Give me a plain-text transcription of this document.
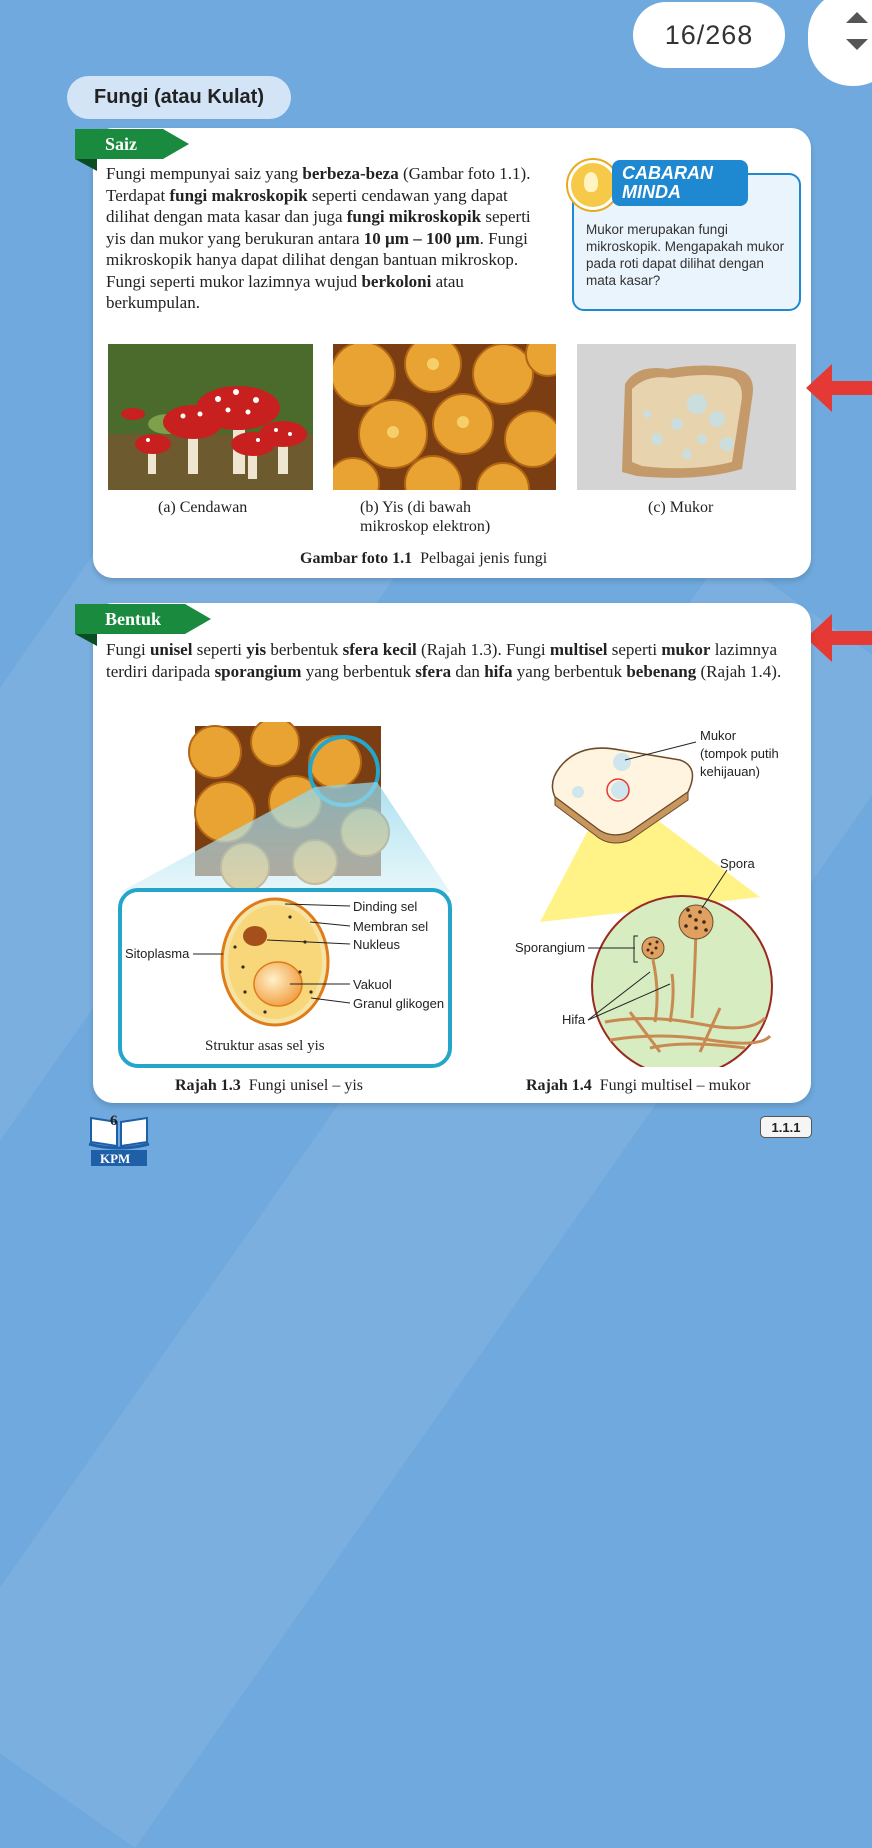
16/268
Fungi (atau Kulat)
Saiz
Fungi mempunyai saiz yang berbeza-beza (Gambar foto 1.1). Terdapat fungi makroskopik seperti cendawan yang dapat dilihat dengan mata kasar dan juga fungi mikroskopik seperti yis dan mukor yang berukuran antara 10 µm – 100 µm. Fungi mikroskopik hanya dapat dilihat dengan bantuan mikroskop. Fungi seperti mukor lazimnya wujud berkoloni atau berkumpulan.
CABARAN
MINDA
Mukor merupakan fungi mikroskopik. Mengapakah mukor pada roti dapat dilihat dengan mata kasar?
(a) Cendawan	(b) Yis (di bawah mikroskop elektron)
(c) Mukor
Gambar foto 1.1 Pelbagai jenis fungi
Bentuk
Fungi unisel seperti yis berbentuk sfera kecil (Rajah 1.3). Fungi multisel seperti mukor lazimnya terdiri daripada sporangium yang berbentuk sfera dan hifa yang berbentuk bebenang (Rajah 1.4).
Dinding sel
Membran sel
Nukleus
Sitoplasma
Vakuol
Granul glikogen
Struktur asas sel yis
Mukor
(tompok putih
kehijauan)
Spora
Sporangium
Hifa
Rajah 1.3 Fungi unisel – yis	Rajah 1.4 Fungi multisel – mukor
6
KPM
1.1.1
